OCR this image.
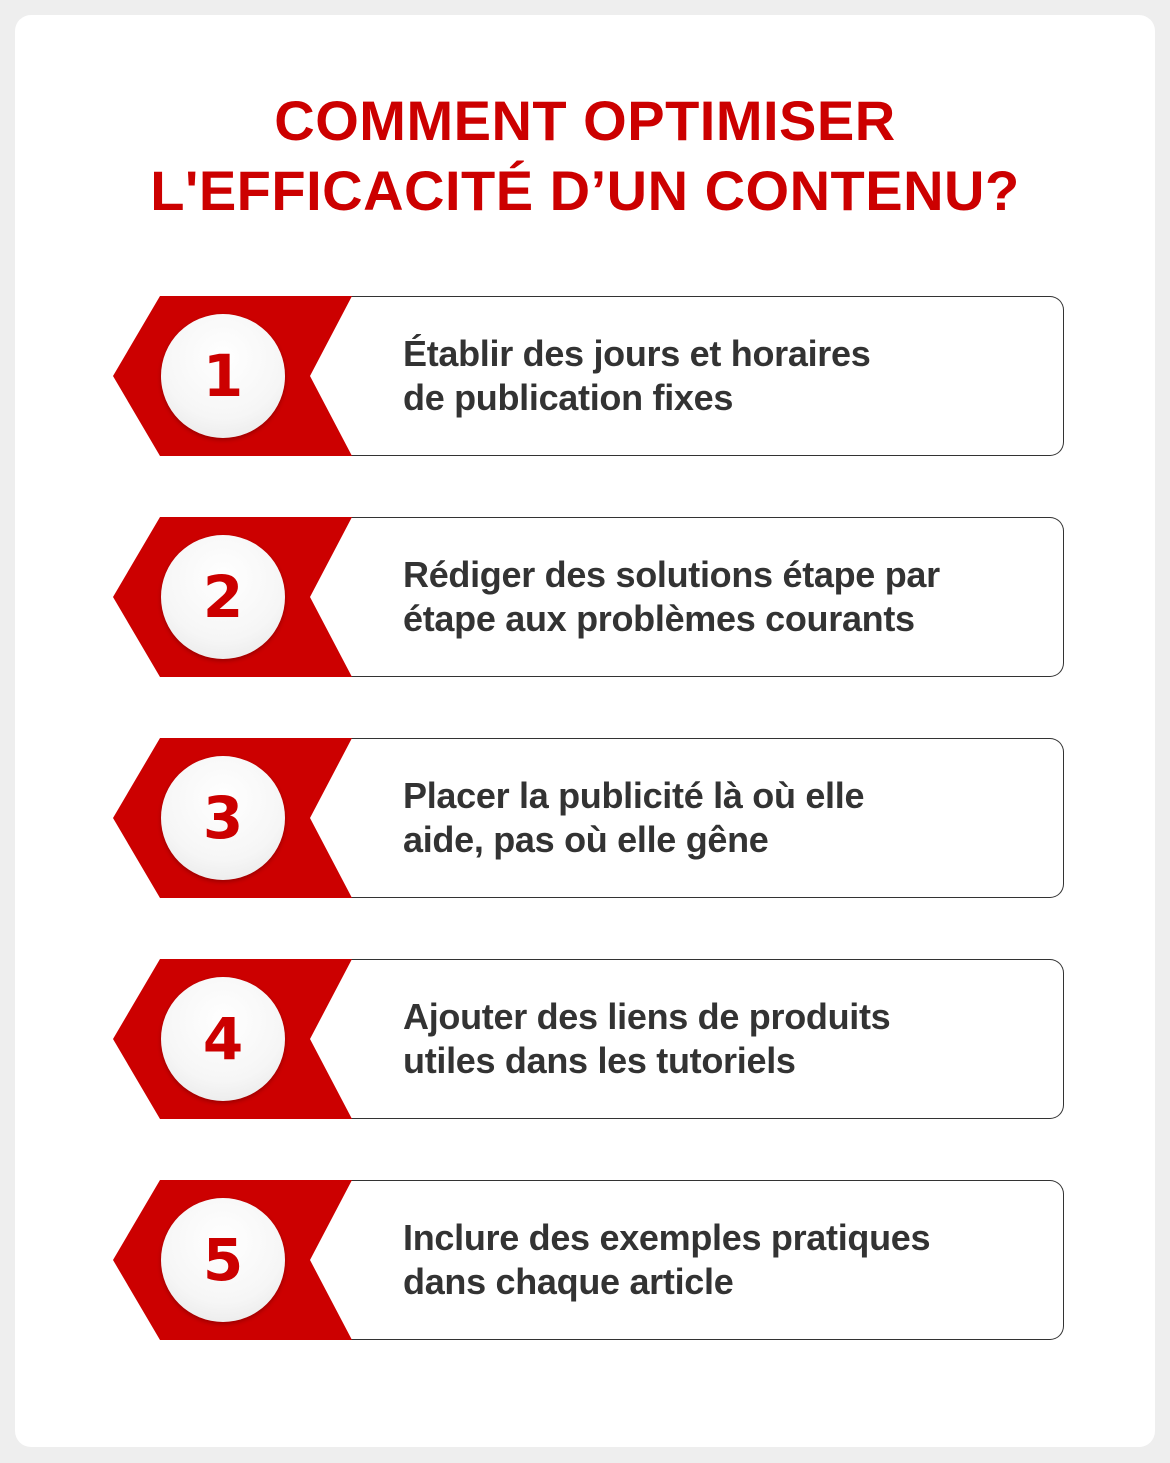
COMMENT OPTIMISER
L'EFFICACITÉ D’UN CONTENU?
1	Établir des jours et horaires
de publication fixes
2	Rédiger des solutions étape par
étape aux problèmes courants
3	Placer la publicité là où elle
aide, pas où elle gêne
4	Ajouter des liens de produits
utiles dans les tutoriels
5	Inclure des exemples pratiques
dans chaque article
